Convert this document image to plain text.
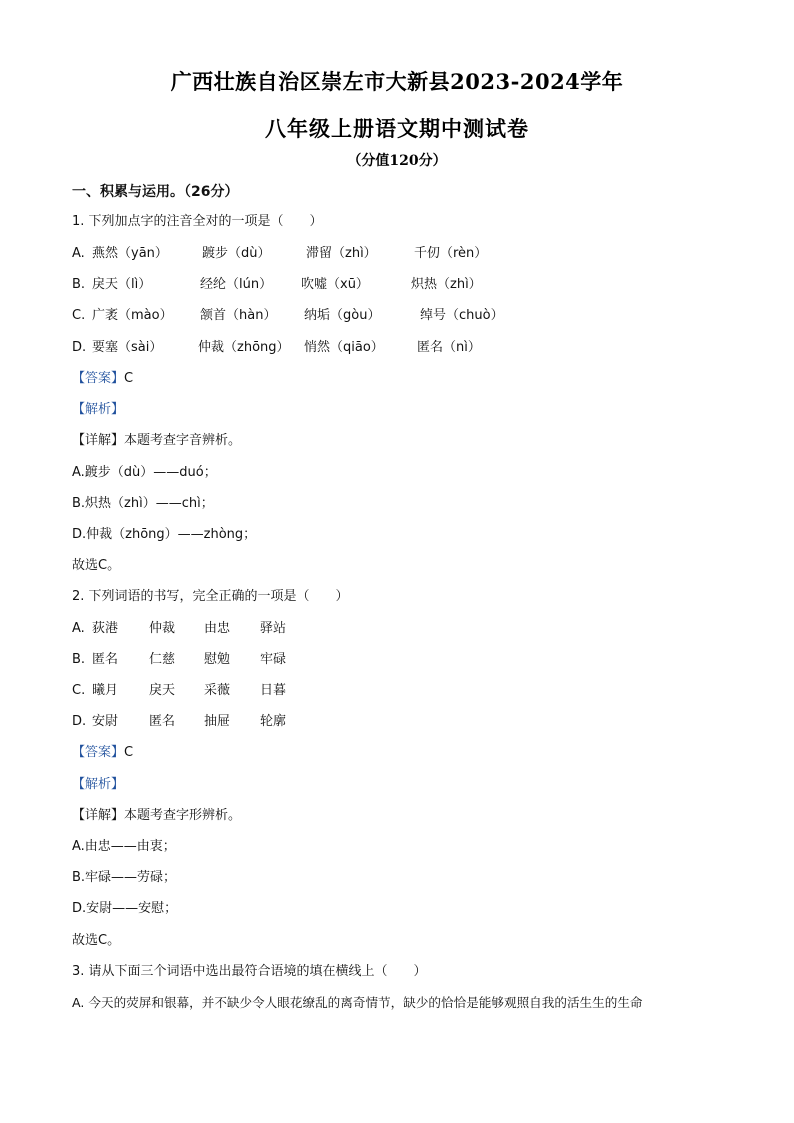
广西壮族自治区崇左市大新县2023-2024学年
八年级上册语文期中测试卷
（分值120分）
一、积累与运用。（26分）
1. 下列加点字的注音全对的一项是（　　）
A. 燕然（yān）	踱步（dù）	滞留（zhì）	千仞（rèn）
B. 戾天（lì）	经纶（lún） 吹嘘（xū）	炽热（zhì）
C. 广袤（mào） 颔首（hàn） 纳垢（gòu）	绰号（chuò）
D. 要塞（sài）	仲裁（zhōng） 悄然（qiāo）	匿名（nì）
【答案】C
【解析】
【详解】本题考查字音辨析。
A.踱步（dù）——duó；
B.炽热（zhì）——chì；
D.仲裁（zhōng）——zhòng；
故选C。
2. 下列词语的书写，完全正确的一项是（　　）
A. 荻港 仲裁 由忠 驿站
B. 匿名 仁慈 慰勉 牢碌
C. 曦月 戾天 采薇 日暮
D. 安尉 匿名 抽屉 轮廓
【答案】C
【解析】
【详解】本题考查字形辨析。
A.由忠——由衷；
B.牢碌——劳碌；
D.安尉——安慰；
故选C。
3. 请从下面三个词语中选出最符合语境的填在横线上（　　）
A. 今天的荧屏和银幕，并不缺少令人眼花缭乱的离奇情节，缺少的恰恰是能够观照自我的活生生的生命
